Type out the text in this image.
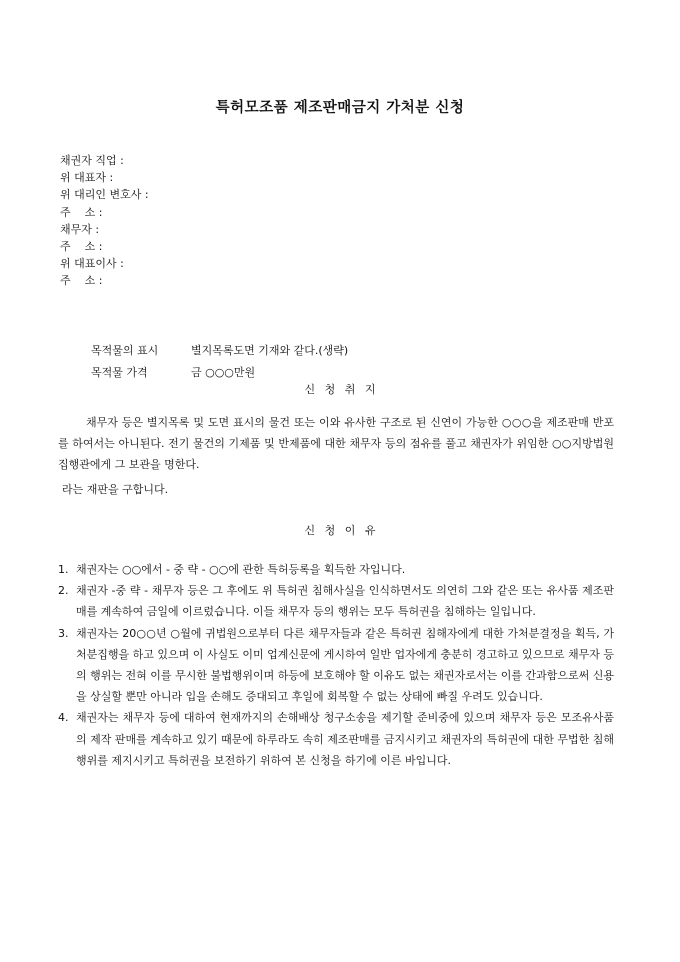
특허모조품 제조판매금지 가처분 신청
채권자 직업 :
위 대표자 :
위 대리인 변호사 :
주    소 :
채무자 :
주    소 :
위 대표이사 :
주    소 :

목적물의 표시	별지목록도면 기재와 같다.(생략)

목적물 가격	금 ○○○만원

신 청 취 지

채무자 등은 별지목록 및 도면 표시의 물건 또는 이와 유사한 구조로 된 신연이 가능한 ○○○을 제조판매 반포를 하여서는 아니된다. 전기 물건의 기제품 및 반제품에 대한 채무자 등의 점유를 풀고 채권자가 위임한 ○○지방법원 집행관에게 그 보관을 명한다.

라는 재판을 구합니다.
신 청 이 유
1. 채권자는 ○○에서 - 중 략 - ○○에 관한 특허등록을 획득한 자입니다.
2. 채권자 -중 략 - 채무자 등은 그 후에도 위 특허권 침해사실을 인식하면서도 의연히 그와 같은 또는 유사품 제조판매를 계속하여 금일에 이르렀습니다. 이들 채무자 등의 행위는 모두 특허권을 침해하는 일입니다.
3. 채권자는 20○○년 ○월에 귀법원으로부터 다른 채무자들과 같은 특허권 침해자에게 대한 가처분결정을 획득, 가처분집행을 하고 있으며 이 사실도 이미 업계신문에 게시하여 일반 업자에게 충분히 경고하고 있으므로 채무자 등의 행위는 전혀 이를 무시한 불법행위이며 하등에 보호해야 할 이유도 없는 채권자로서는 이를 간과함으로써 신용을 상실할 뿐만 아니라 입을 손해도 증대되고 후일에 회복할 수 없는 상태에 빠질 우려도 있습니다.
4. 채권자는 채무자 등에 대하여 현재까지의 손해배상 청구소송을 제기할 준비중에 있으며 채무자 등은 모조유사품의 제작 판매를 계속하고 있기 때문에 하루라도 속히 제조판매를 금지시키고 채권자의 특허권에 대한 무법한 침해 행위를 제지시키고 특허권을 보전하기 위하여 본 신청을 하기에 이른 바입니다.
